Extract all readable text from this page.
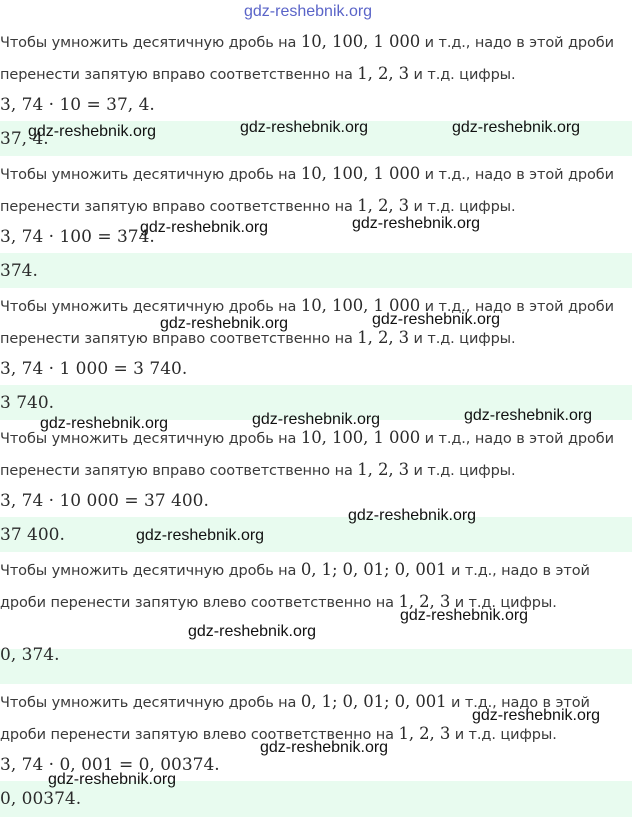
gdz-reshebnik.org
Чтобы умножить десятичную дробь на 10, 100, 1 000 и т.д., надо в этой дроби
перенести запятую вправо соответственно на 1, 2, 3 и т.д. цифры.
3, 74 · 10 = 37, 4.
37, 4.
Чтобы умножить десятичную дробь на 10, 100, 1 000 и т.д., надо в этой дроби
перенести запятую вправо соответственно на 1, 2, 3 и т.д. цифры.
3, 74 · 100 = 374.
374.
Чтобы умножить десятичную дробь на 10, 100, 1 000 и т.д., надо в этой дроби
перенести запятую вправо соответственно на 1, 2, 3 и т.д. цифры.
3, 74 · 1 000 = 3 740.
3 740.
Чтобы умножить десятичную дробь на 10, 100, 1 000 и т.д., надо в этой дроби
перенести запятую вправо соответственно на 1, 2, 3 и т.д. цифры.
3, 74 · 10 000 = 37 400.
37 400.
Чтобы умножить десятичную дробь на 0, 1; 0, 01; 0, 001 и т.д., надо в этой
дроби перенести запятую влево соответственно на 1, 2, 3 и т.д. цифры.
0, 374.
Чтобы умножить десятичную дробь на 0, 1; 0, 01; 0, 001 и т.д., надо в этой
дроби перенести запятую влево соответственно на 1, 2, 3 и т.д. цифры.
3, 74 · 0, 001 = 0, 00374.
0, 00374.
gdz-reshebnik.org	gdz-reshebnik.org	gdz-reshebnik.org
gdz-reshebnik.org	gdz-reshebnik.org
gdz-reshebnik.org	gdz-reshebnik.org
gdz-reshebnik.org	gdz-reshebnik.org	gdz-reshebnik.org
gdz-reshebnik.org
gdz-reshebnik.org
gdz-reshebnik.org
gdz-reshebnik.org
gdz-reshebnik.org
gdz-reshebnik.org
gdz-reshebnik.org
